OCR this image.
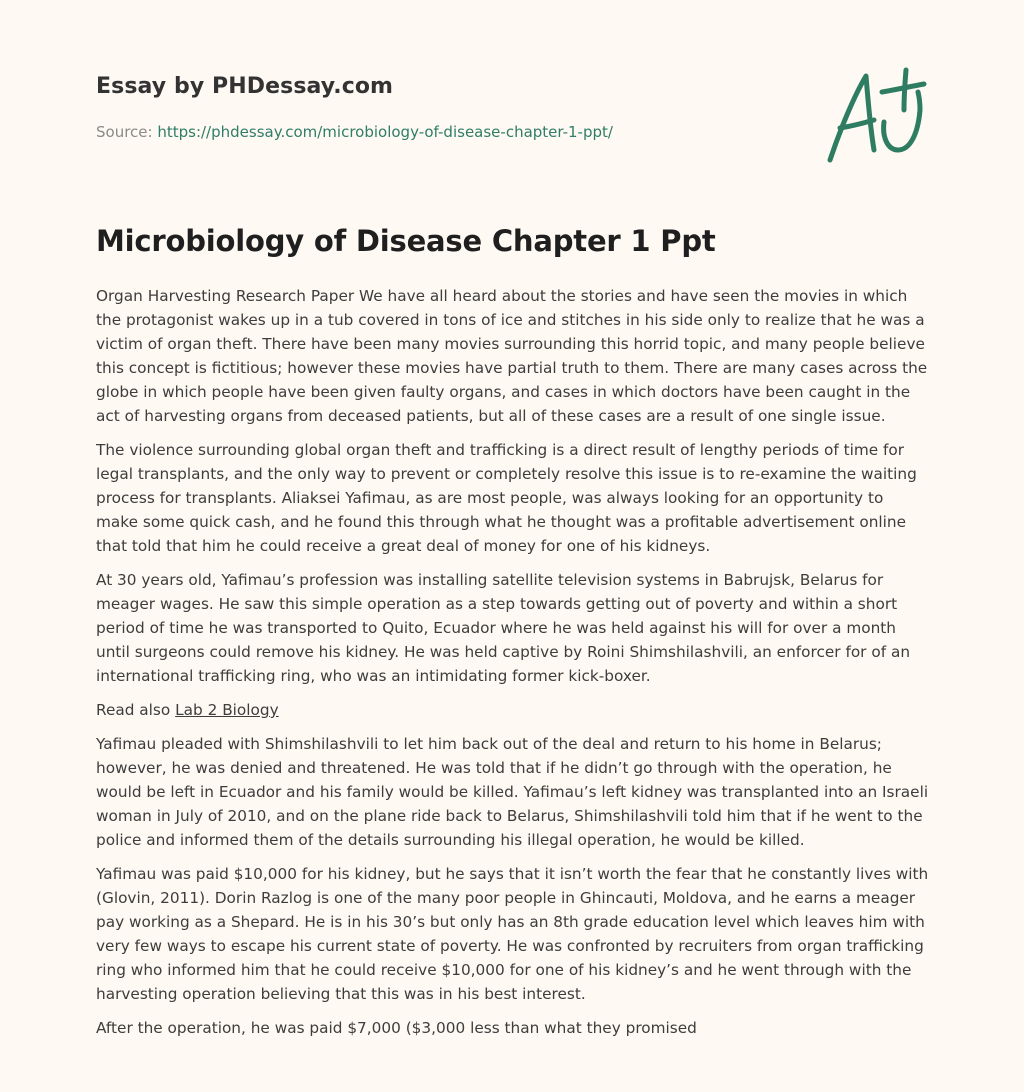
Essay by PHDessay.com

Source: https://phdessay.com/microbiology-of-disease-chapter-1-ppt/

Microbiology of Disease Chapter 1 Ppt

Organ Harvesting Research Paper We have all heard about the stories and have seen the movies in which the protagonist wakes up in a tub covered in tons of ice and stitches in his side only to realize that he was a victim of organ theft. There have been many movies surrounding this horrid topic, and many people believe this concept is fictitious; however these movies have partial truth to them. There are many cases across the globe in which people have been given faulty organs, and cases in which doctors have been caught in the act of harvesting organs from deceased patients, but all of these cases are a result of one single issue.

The violence surrounding global organ theft and trafficking is a direct result of lengthy periods of time for legal transplants, and the only way to prevent or completely resolve this issue is to re-examine the waiting process for transplants. Aliaksei Yafimau, as are most people, was always looking for an opportunity to make some quick cash, and he found this through what he thought was a profitable advertisement online that told that him he could receive a great deal of money for one of his kidneys.

At 30 years old, Yafimau’s profession was installing satellite television systems in Babrujsk, Belarus for meager wages. He saw this simple operation as a step towards getting out of poverty and within a short period of time he was transported to Quito, Ecuador where he was held against his will for over a month until surgeons could remove his kidney. He was held captive by Roini Shimshilashvili, an enforcer for of an international trafficking ring, who was an intimidating former kick-boxer.

Read also Lab 2 Biology

Yafimau pleaded with Shimshilashvili to let him back out of the deal and return to his home in Belarus; however, he was denied and threatened. He was told that if he didn’t go through with the operation, he would be left in Ecuador and his family would be killed. Yafimau’s left kidney was transplanted into an Israeli woman in July of 2010, and on the plane ride back to Belarus, Shimshilashvili told him that if he went to the police and informed them of the details surrounding his illegal operation, he would be killed.

Yafimau was paid $10,000 for his kidney, but he says that it isn’t worth the fear that he constantly lives with (Glovin, 2011). Dorin Razlog is one of the many poor people in Ghincauti, Moldova, and he earns a meager pay working as a Shepard. He is in his 30’s but only has an 8th grade education level which leaves him with very few ways to escape his current state of poverty. He was confronted by recruiters from organ trafficking ring who informed him that he could receive $10,000 for one of his kidney’s and he went through with the harvesting operation believing that this was in his best interest.

After the operation, he was paid $7,000 ($3,000 less than what they promised
